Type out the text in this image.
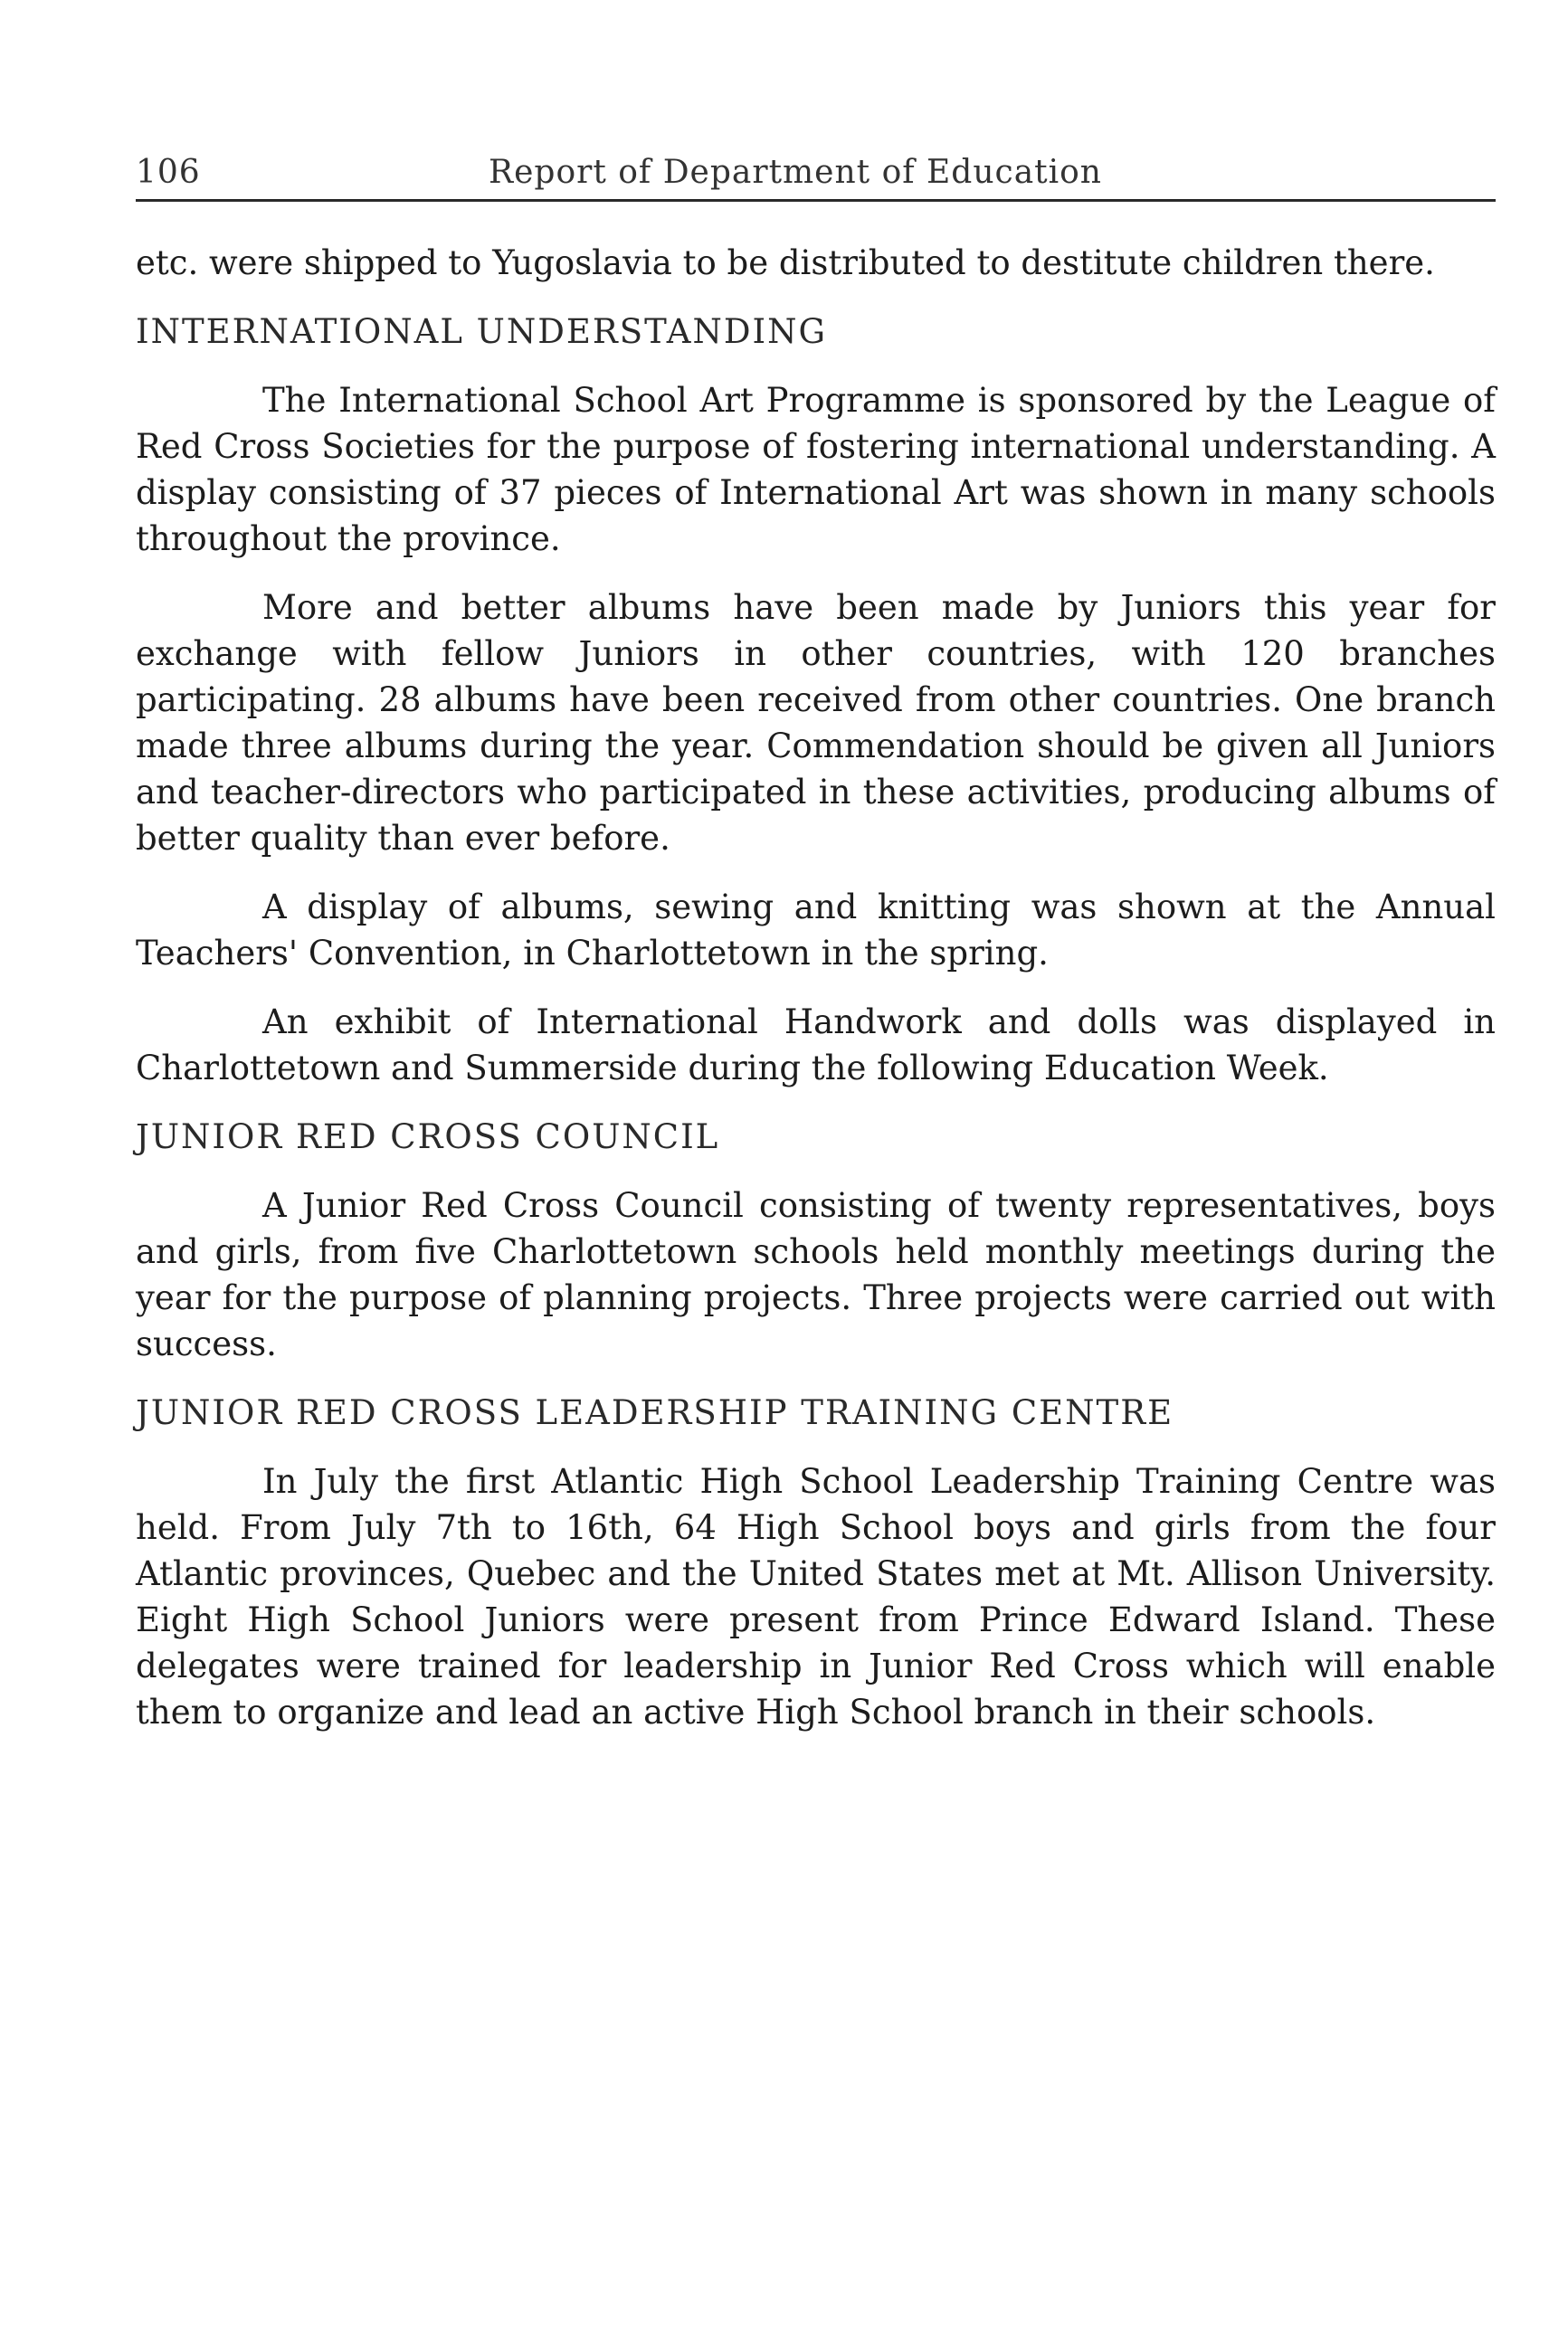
106	Report of Department of Education

etc. were shipped to Yugoslavia to be distributed to destitute children there.

INTERNATIONAL UNDERSTANDING

The International School Art Programme is sponsored by the League of Red Cross Societies for the purpose of fostering international understanding. A display consisting of 37 pieces of International Art was shown in many schools throughout the province.

More and better albums have been made by Juniors this year for exchange with fellow Juniors in other countries, with 120 branches participating. 28 albums have been received from other countries. One branch made three albums during the year. Commendation should be given all Juniors and teacher-directors who participated in these activities, producing albums of better quality than ever before.

A display of albums, sewing and knitting was shown at the Annual Teachers' Convention, in Charlottetown in the spring.

An exhibit of International Handwork and dolls was displayed in Charlottetown and Summerside during the following Education Week.

JUNIOR RED CROSS COUNCIL

A Junior Red Cross Council consisting of twenty representatives, boys and girls, from five Charlottetown schools held monthly meetings during the year for the purpose of planning projects. Three projects were carried out with success.

JUNIOR RED CROSS LEADERSHIP TRAINING CENTRE

In July the first Atlantic High School Leadership Training Centre was held. From July 7th to 16th, 64 High School boys and girls from the four Atlantic provinces, Quebec and the United States met at Mt. Allison University. Eight High School Juniors were present from Prince Edward Island. These delegates were trained for leadership in Junior Red Cross which will enable them to organize and lead an active High School branch in their schools.
